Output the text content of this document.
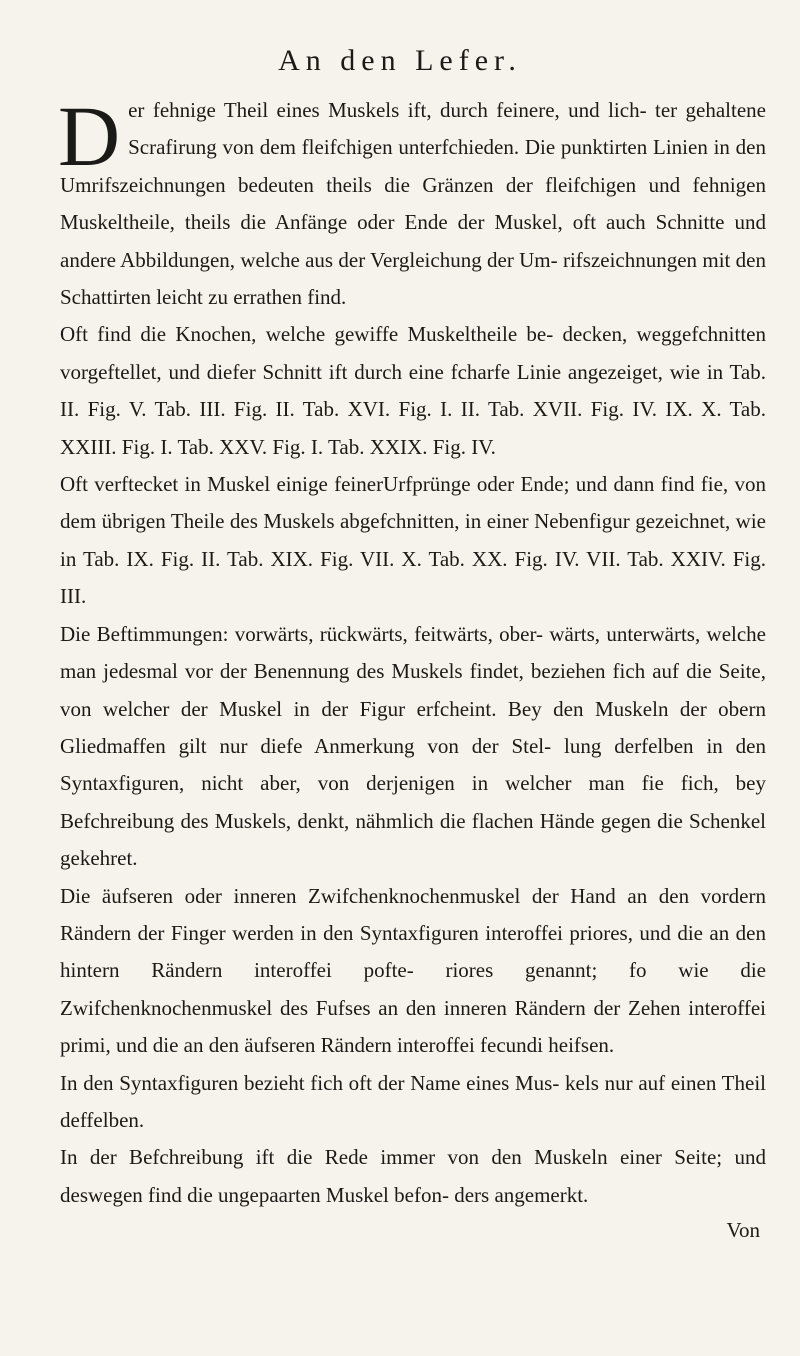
An den Lefer.

Der fehnige Theil eines Muskels ift, durch feinere, und lich- ter gehaltene Scrafirung von dem fleifchigen unterfchieden. Die punktirten Linien in den Umrifszeichnungen bedeuten theils die Gränzen der fleifchigen und fehnigen Muskeltheile, theils die Anfänge oder Ende der Muskel, oft auch Schnitte und andere Abbildungen, welche aus der Vergleichung der Um- rifszeichnungen mit den Schattirten leicht zu errathen find.

Oft find die Knochen, welche gewiffe Muskeltheile be- decken, weggefchnitten vorgeftellet, und diefer Schnitt ift durch eine fcharfe Linie angezeiget, wie in Tab. II. Fig. V. Tab. III. Fig. II. Tab. XVI. Fig. I. II. Tab. XVII. Fig. IV. IX. X. Tab. XXIII. Fig. I. Tab. XXV. Fig. I. Tab. XXIX. Fig. IV.

Oft verftecket in Muskel einige feinerUrfprünge oder Ende; und dann find fie, von dem übrigen Theile des Muskels abgefchnitten, in einer Nebenfigur gezeichnet, wie in Tab. IX. Fig. II. Tab. XIX. Fig. VII. X. Tab. XX. Fig. IV. VII. Tab. XXIV. Fig. III.

Die Beftimmungen: vorwärts, rückwärts, feitwärts, ober- wärts, unterwärts, welche man jedesmal vor der Benennung des Muskels findet, beziehen fich auf die Seite, von welcher der Muskel in der Figur erfcheint. Bey den Muskeln der obern Gliedmaffen gilt nur diefe Anmerkung von der Stel- lung derfelben in den Syntaxfiguren, nicht aber, von derjenigen in welcher man fie fich, bey Befchreibung des Muskels, denkt, nähmlich die flachen Hände gegen die Schenkel gekehret.

Die äufseren oder inneren Zwifchenknochenmuskel der Hand an den vordern Rändern der Finger werden in den Syntaxfiguren interoffei priores, und die an den hintern Rändern interoffei pofte- riores genannt; fo wie die Zwifchenknochenmuskel des Fufses an den inneren Rändern der Zehen interoffei primi, und die an den äufseren Rändern interoffei fecundi heifsen.

In den Syntaxfiguren bezieht fich oft der Name eines Mus- kels nur auf einen Theil deffelben.

In der Befchreibung ift die Rede immer von den Muskeln einer Seite; und deswegen find die ungepaarten Muskel befon- ders angemerkt.

Von
